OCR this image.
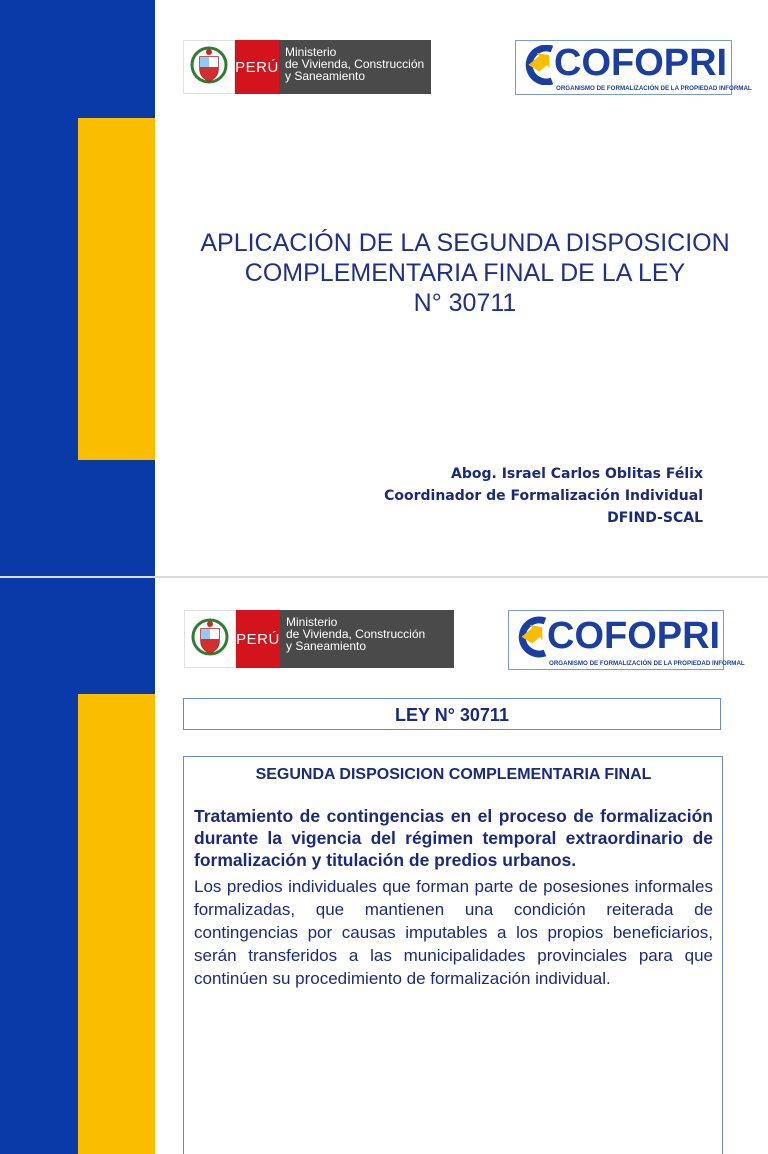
PERÚ
Ministerio
de Vivienda, Construcción
y Saneamiento	COFOPRI
ORGANISMO DE FORMALIZACIÓN DE LA PROPIEDAD INFORMAL
APLICACIÓN DE LA SEGUNDA DISPOSICION
COMPLEMENTARIA FINAL DE LA LEY
N° 30711
Abog. Israel Carlos Oblitas Félix
Coordinador de Formalización Individual
DFIND-SCAL
PERÚ
Ministerio
de Vivienda, Construcción
y Saneamiento	COFOPRI
ORGANISMO DE FORMALIZACIÓN DE LA PROPIEDAD INFORMAL
LEY N° 30711
SEGUNDA DISPOSICION COMPLEMENTARIA FINAL
Tratamiento de contingencias en el proceso de formalización durante la vigencia del régimen temporal extraordinario de formalización y titulación de predios urbanos.
Los predios individuales que forman parte de posesiones informales formalizadas, que mantienen una condición reiterada de contingencias por causas imputables a los propios beneficiarios, serán transferidos a las municipalidades provinciales para que continúen su procedimiento de formalización individual.
